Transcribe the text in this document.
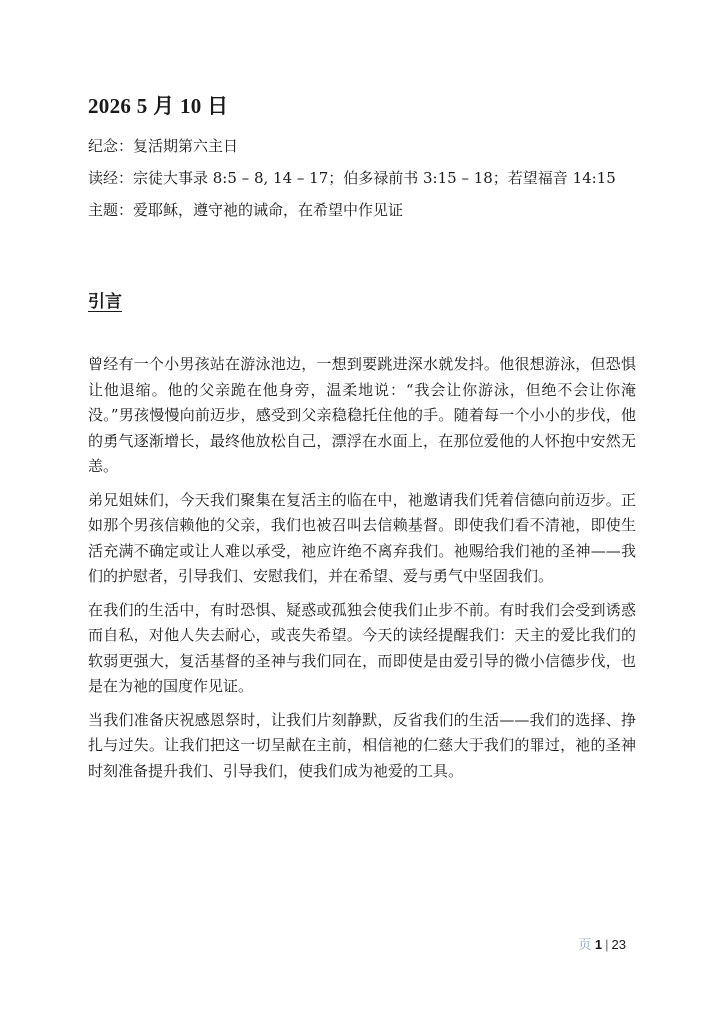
2026 5 月 10 日
纪念：复活期第六主日
读经：宗徒大事录 8:5 – 8, 14 – 17；伯多禄前书 3:15 – 18；若望福音 14:15
主题：爱耶稣，遵守祂的诫命，在希望中作见证
引言

曾经有一个小男孩站在游泳池边，一想到要跳进深水就发抖。他很想游泳，但恐惧让他退缩。他的父亲跪在他身旁，温柔地说：“我会让你游泳，但绝不会让你淹没。”男孩慢慢向前迈步，感受到父亲稳稳托住他的手。随着每一个小小的步伐，他的勇气逐渐增长，最终他放松自己，漂浮在水面上，在那位爱他的人怀抱中安然无恙。

弟兄姐妹们，今天我们聚集在复活主的临在中，祂邀请我们凭着信德向前迈步。正如那个男孩信赖他的父亲，我们也被召叫去信赖基督。即使我们看不清祂，即使生活充满不确定或让人难以承受，祂应许绝不离弃我们。祂赐给我们祂的圣神——我们的护慰者，引导我们、安慰我们，并在希望、爱与勇气中坚固我们。

在我们的生活中，有时恐惧、疑惑或孤独会使我们止步不前。有时我们会受到诱惑而自私，对他人失去耐心，或丧失希望。今天的读经提醒我们：天主的爱比我们的软弱更强大，复活基督的圣神与我们同在，而即使是由爱引导的微小信德步伐，也是在为祂的国度作见证。

当我们准备庆祝感恩祭时，让我们片刻静默，反省我们的生活——我们的选择、挣扎与过失。让我们把这一切呈献在主前，相信祂的仁慈大于我们的罪过，祂的圣神时刻准备提升我们、引导我们，使我们成为祂爱的工具。

页 1 | 23
